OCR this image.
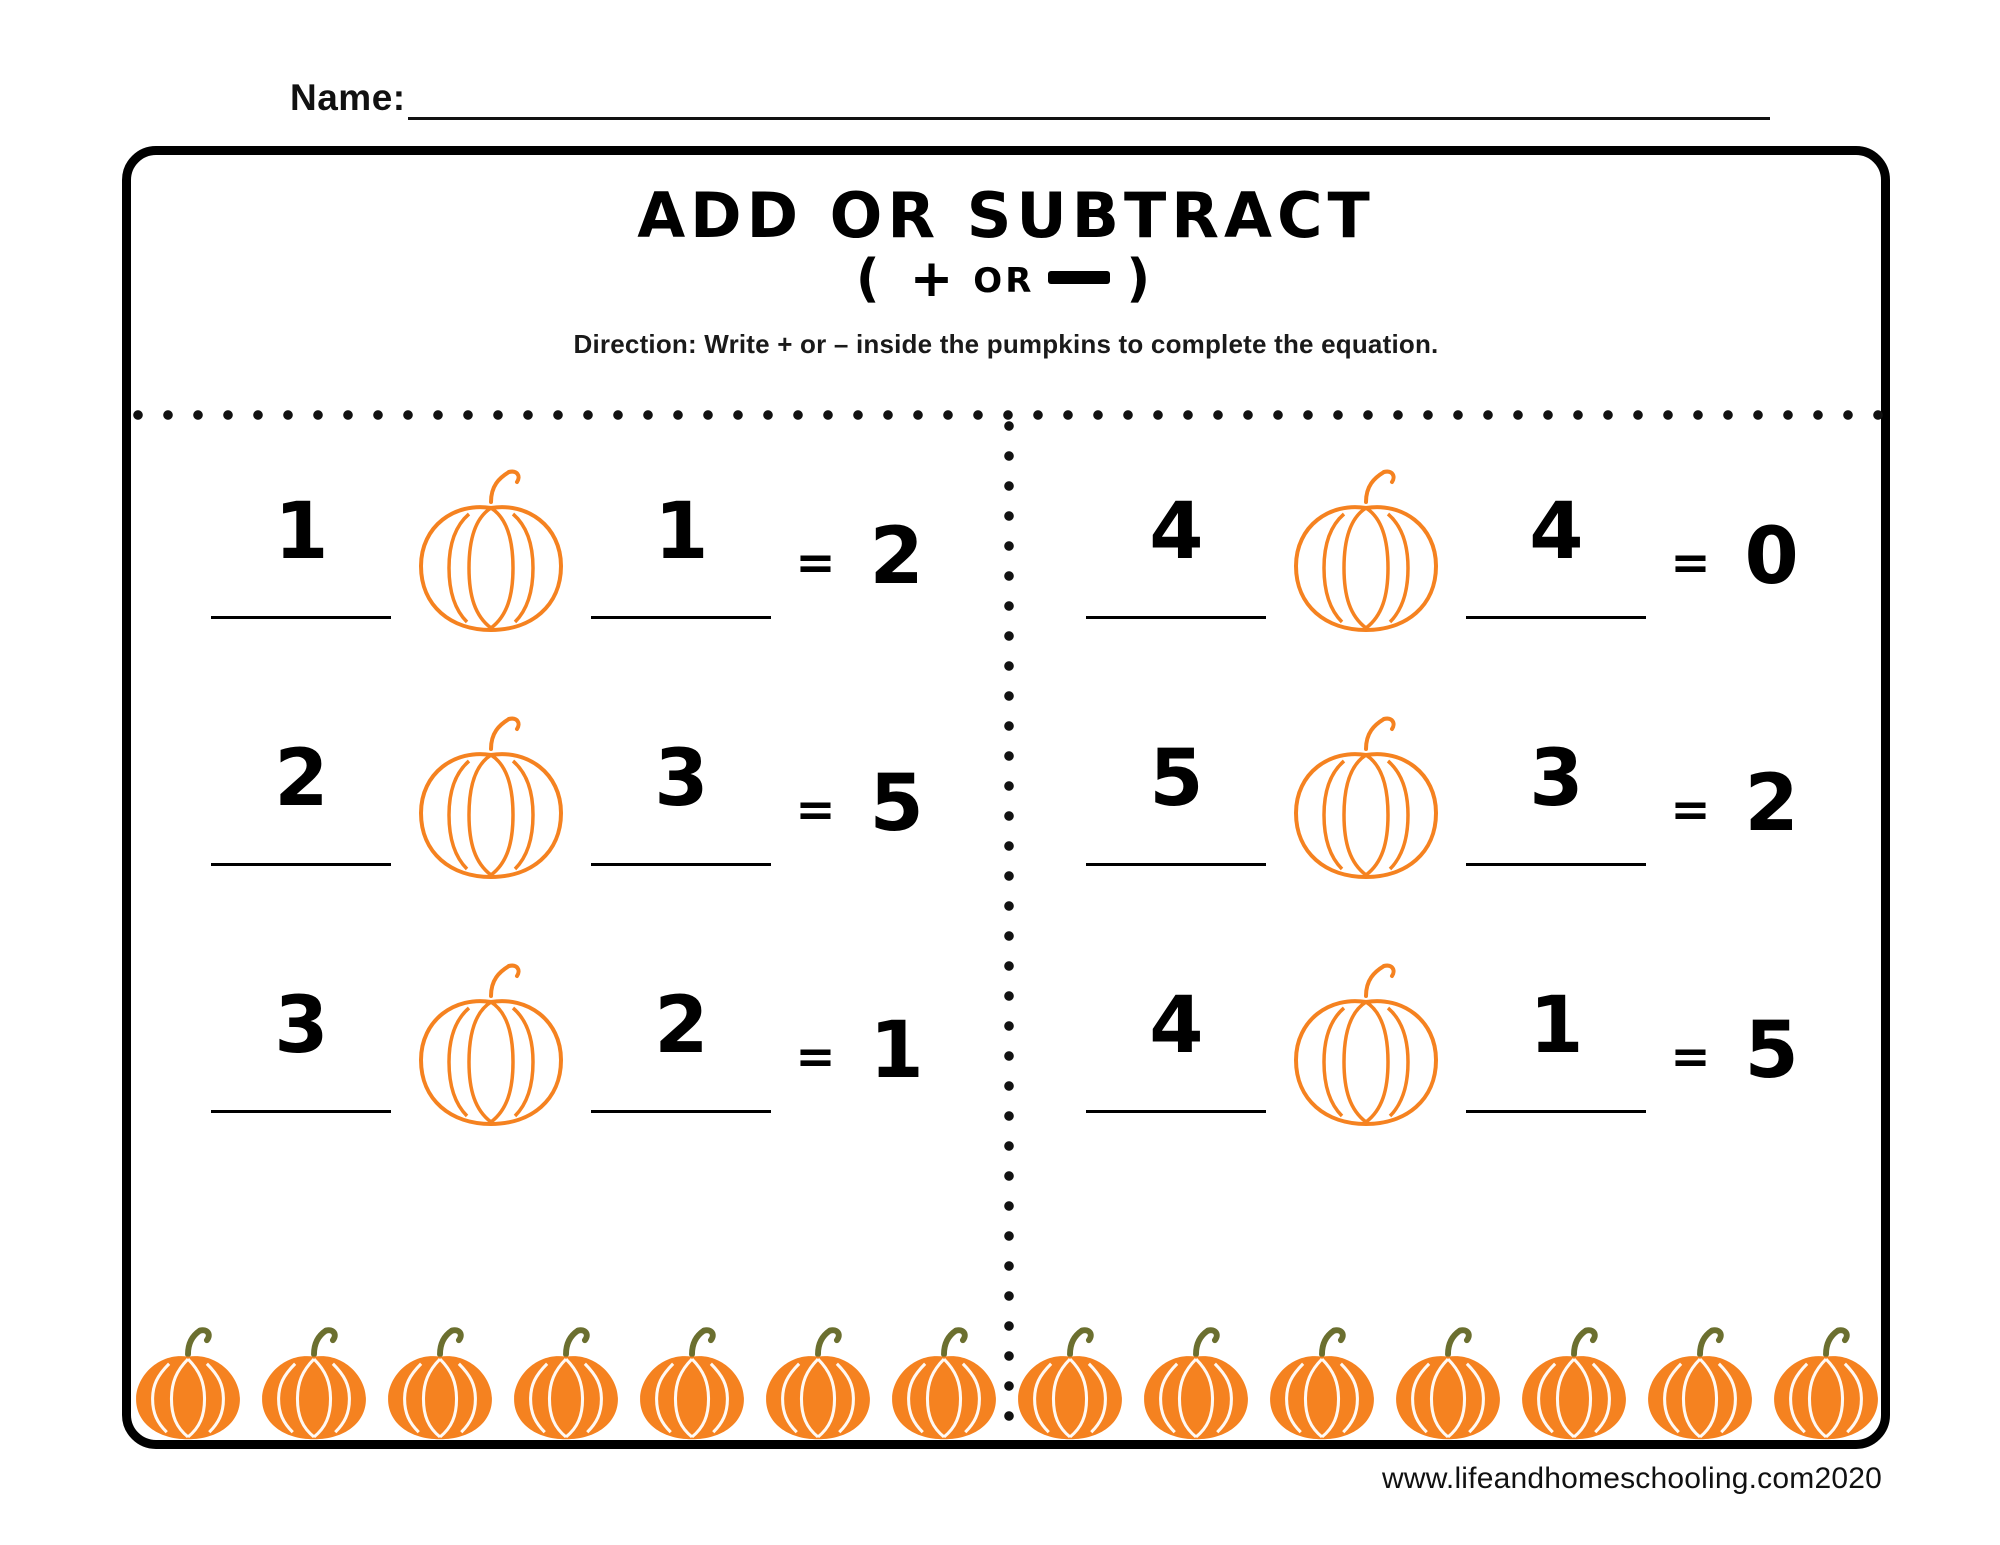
Name:
ADD OR SUBTRACT
( + OR )
Direction: Write + or – inside the pumpkins to complete the equation.
1	1	= 2	4	4	= 0
2	3	= 5	5	3	= 2
3	2	= 1	4	1	= 5
www.lifeandhomeschooling.com2020
